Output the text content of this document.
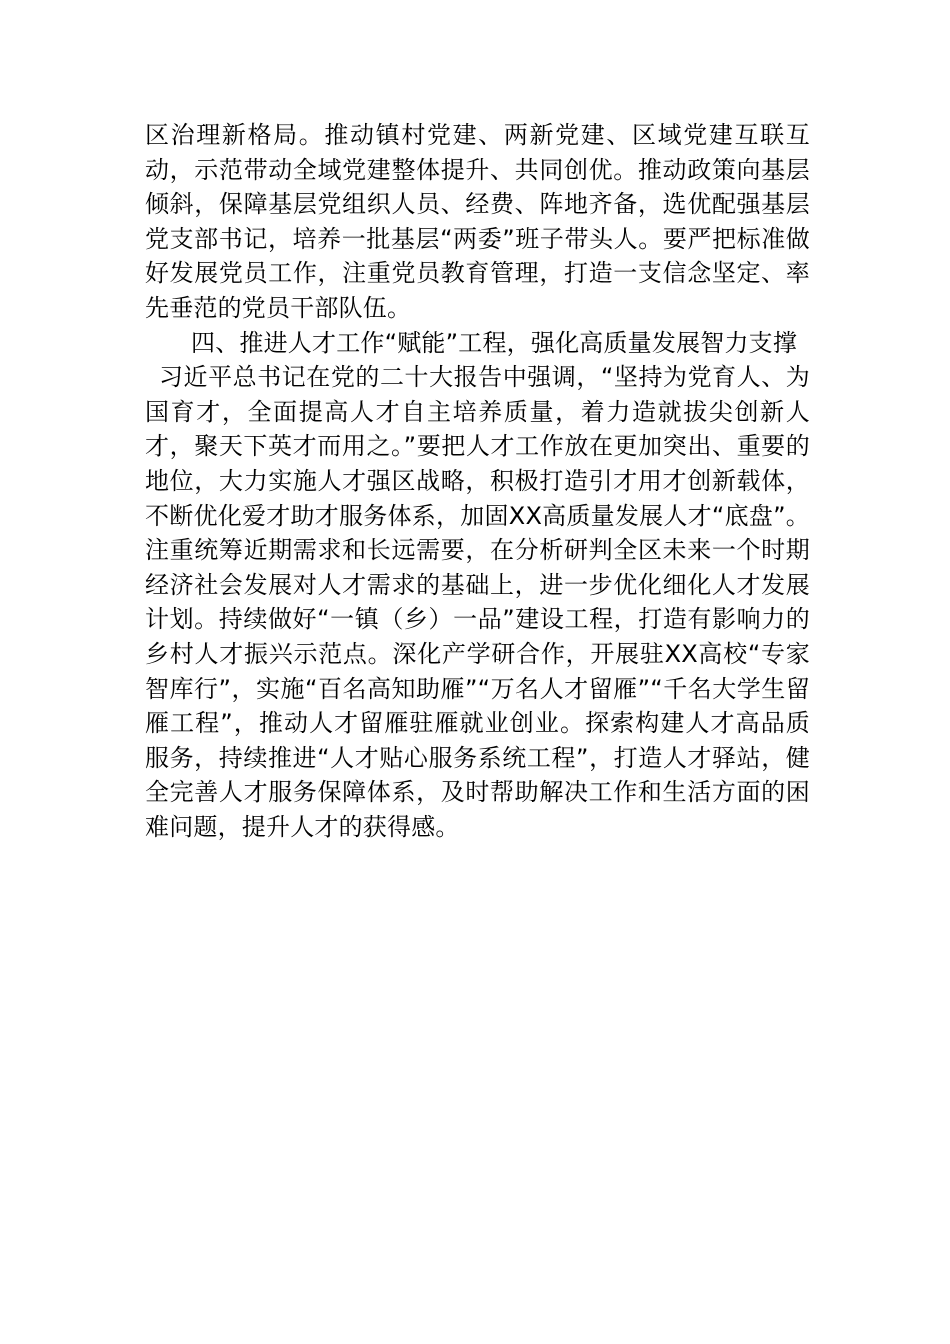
区治理新格局。推动镇村党建、两新党建、区域党建互联互动，示范带动全域党建整体提升、共同创优。推动政策向基层倾斜，保障基层党组织人员、经费、阵地齐备，选优配强基层党支部书记，培养一批基层“两委”班子带头人。要严把标准做好发展党员工作，注重党员教育管理，打造一支信念坚定、率先垂范的党员干部队伍。

四、推进人才工作“赋能”工程，强化高质量发展智力支撑

习近平总书记在党的二十大报告中强调，“坚持为党育人、为国育才，全面提高人才自主培养质量，着力造就拔尖创新人才，聚天下英才而用之。”要把人才工作放在更加突出、重要的地位，大力实施人才强区战略，积极打造引才用才创新载体，不断优化爱才助才服务体系，加固XX高质量发展人才“底盘”。注重统筹近期需求和长远需要，在分析研判全区未来一个时期经济社会发展对人才需求的基础上，进一步优化细化人才发展计划。持续做好“一镇（乡）一品”建设工程，打造有影响力的乡村人才振兴示范点。深化产学研合作，开展驻XX高校“专家智库行”，实施“百名高知助雁”“万名人才留雁”“千名大学生留雁工程”，推动人才留雁驻雁就业创业。探索构建人才高品质服务，持续推进“人才贴心服务系统工程”，打造人才驿站，健全完善人才服务保障体系，及时帮助解决工作和生活方面的困难问题，提升人才的获得感。
